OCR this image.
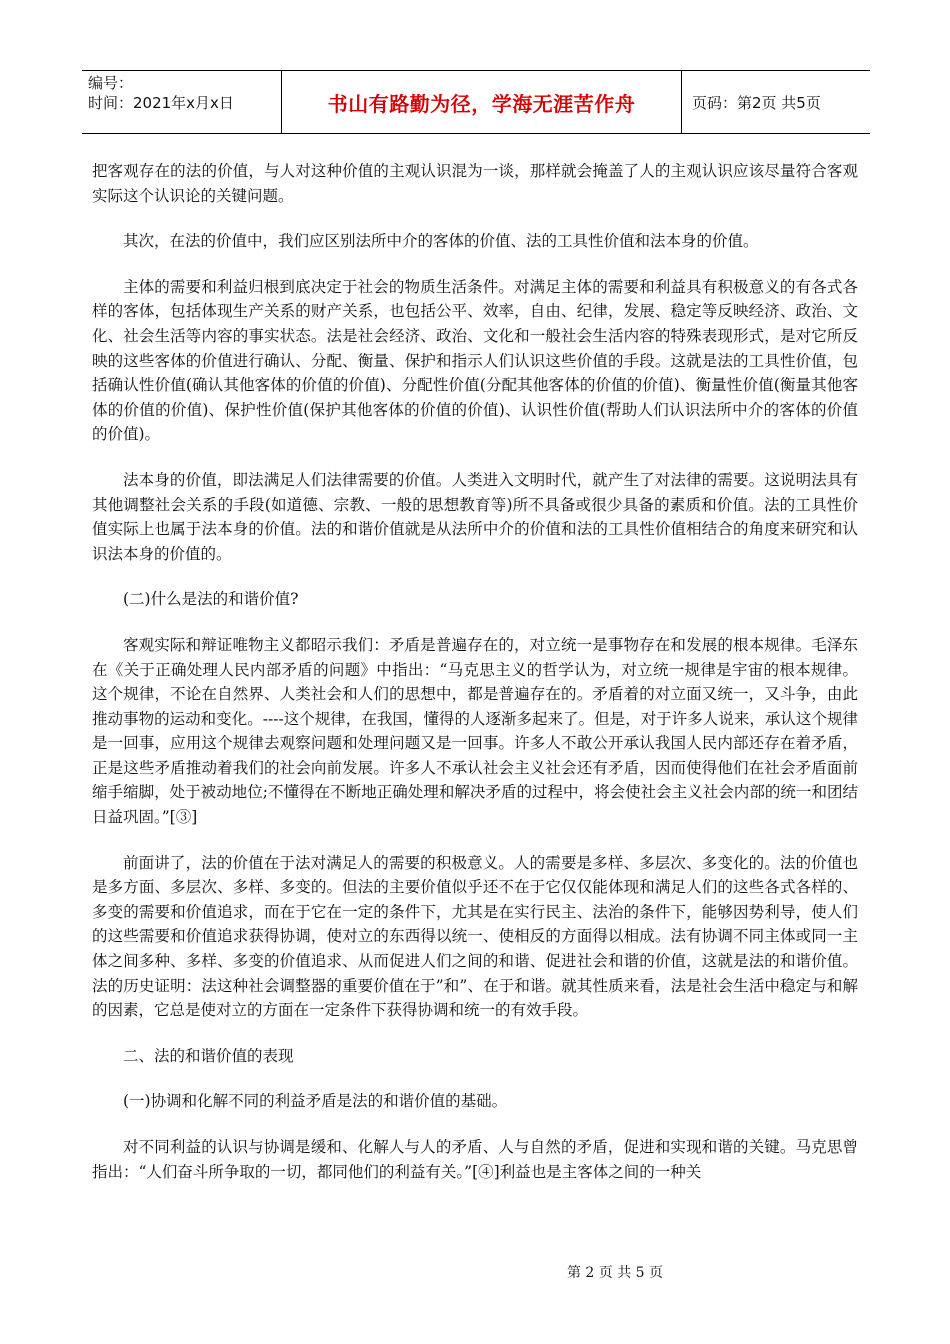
编号：
时间：2021年x月x日	书山有路勤为径，学海无涯苦作舟	页码：第2页 共5页

把客观存在的法的价值，与人对这种价值的主观认识混为一谈，那样就会掩盖了人的主观认识应该尽量符合客观实际这个认识论的关键问题。

其次，在法的价值中，我们应区别法所中介的客体的价值、法的工具性价值和法本身的价值。

主体的需要和利益归根到底决定于社会的物质生活条件。对满足主体的需要和利益具有积极意义的有各式各样的客体，包括体现生产关系的财产关系，也包括公平、效率，自由、纪律，发展、稳定等反映经济、政治、文化、社会生活等内容的事实状态。法是社会经济、政治、文化和一般社会生活内容的特殊表现形式，是对它所反映的这些客体的价值进行确认、分配、衡量、保护和指示人们认识这些价值的手段。这就是法的工具性价值，包括确认性价值(确认其他客体的价值的价值)、分配性价值(分配其他客体的价值的价值)、衡量性价值(衡量其他客体的价值的价值)、保护性价值(保护其他客体的价值的价值)、认识性价值(帮助人们认识法所中介的客体的价值的价值)。

法本身的价值，即法满足人们法律需要的价值。人类进入文明时代，就产生了对法律的需要。这说明法具有其他调整社会关系的手段(如道德、宗教、一般的思想教育等)所不具备或很少具备的素质和价值。法的工具性价值实际上也属于法本身的价值。法的和谐价值就是从法所中介的价值和法的工具性价值相结合的角度来研究和认识法本身的价值的。

(二)什么是法的和谐价值?

客观实际和辩证唯物主义都昭示我们：矛盾是普遍存在的，对立统一是事物存在和发展的根本规律。毛泽东在《关于正确处理人民内部矛盾的问题》中指出：“马克思主义的哲学认为，对立统一规律是宇宙的根本规律。这个规律，不论在自然界、人类社会和人们的思想中，都是普遍存在的。矛盾着的对立面又统一，又斗争，由此推动事物的运动和变化。----这个规律，在我国，懂得的人逐渐多起来了。但是，对于许多人说来，承认这个规律是一回事，应用这个规律去观察问题和处理问题又是一回事。许多人不敢公开承认我国人民内部还存在着矛盾，正是这些矛盾推动着我们的社会向前发展。许多人不承认社会主义社会还有矛盾，因而使得他们在社会矛盾面前缩手缩脚，处于被动地位;不懂得在不断地正确处理和解决矛盾的过程中，将会使社会主义社会内部的统一和团结日益巩固。”[③]

前面讲了，法的价值在于法对满足人的需要的积极意义。人的需要是多样、多层次、多变化的。法的价值也是多方面、多层次、多样、多变的。但法的主要价值似乎还不在于它仅仅能体现和满足人们的这些各式各样的、多变的需要和价值追求，而在于它在一定的条件下，尤其是在实行民主、法治的条件下，能够因势利导，使人们的这些需要和价值追求获得协调，使对立的东西得以统一、使相反的方面得以相成。法有协调不同主体或同一主体之间多种、多样、多变的价值追求、从而促进人们之间的和谐、促进社会和谐的价值，这就是法的和谐价值。法的历史证明：法这种社会调整器的重要价值在于”和”、在于和谐。就其性质来看，法是社会生活中稳定与和解的因素，它总是使对立的方面在一定条件下获得协调和统一的有效手段。

二、法的和谐价值的表现

(一)协调和化解不同的利益矛盾是法的和谐价值的基础。

对不同利益的认识与协调是缓和、化解人与人的矛盾、人与自然的矛盾，促进和实现和谐的关键。马克思曾指出：“人们奋斗所争取的一切，都同他们的利益有关。”[④]利益也是主客体之间的一种关

第 2 页 共 5 页
